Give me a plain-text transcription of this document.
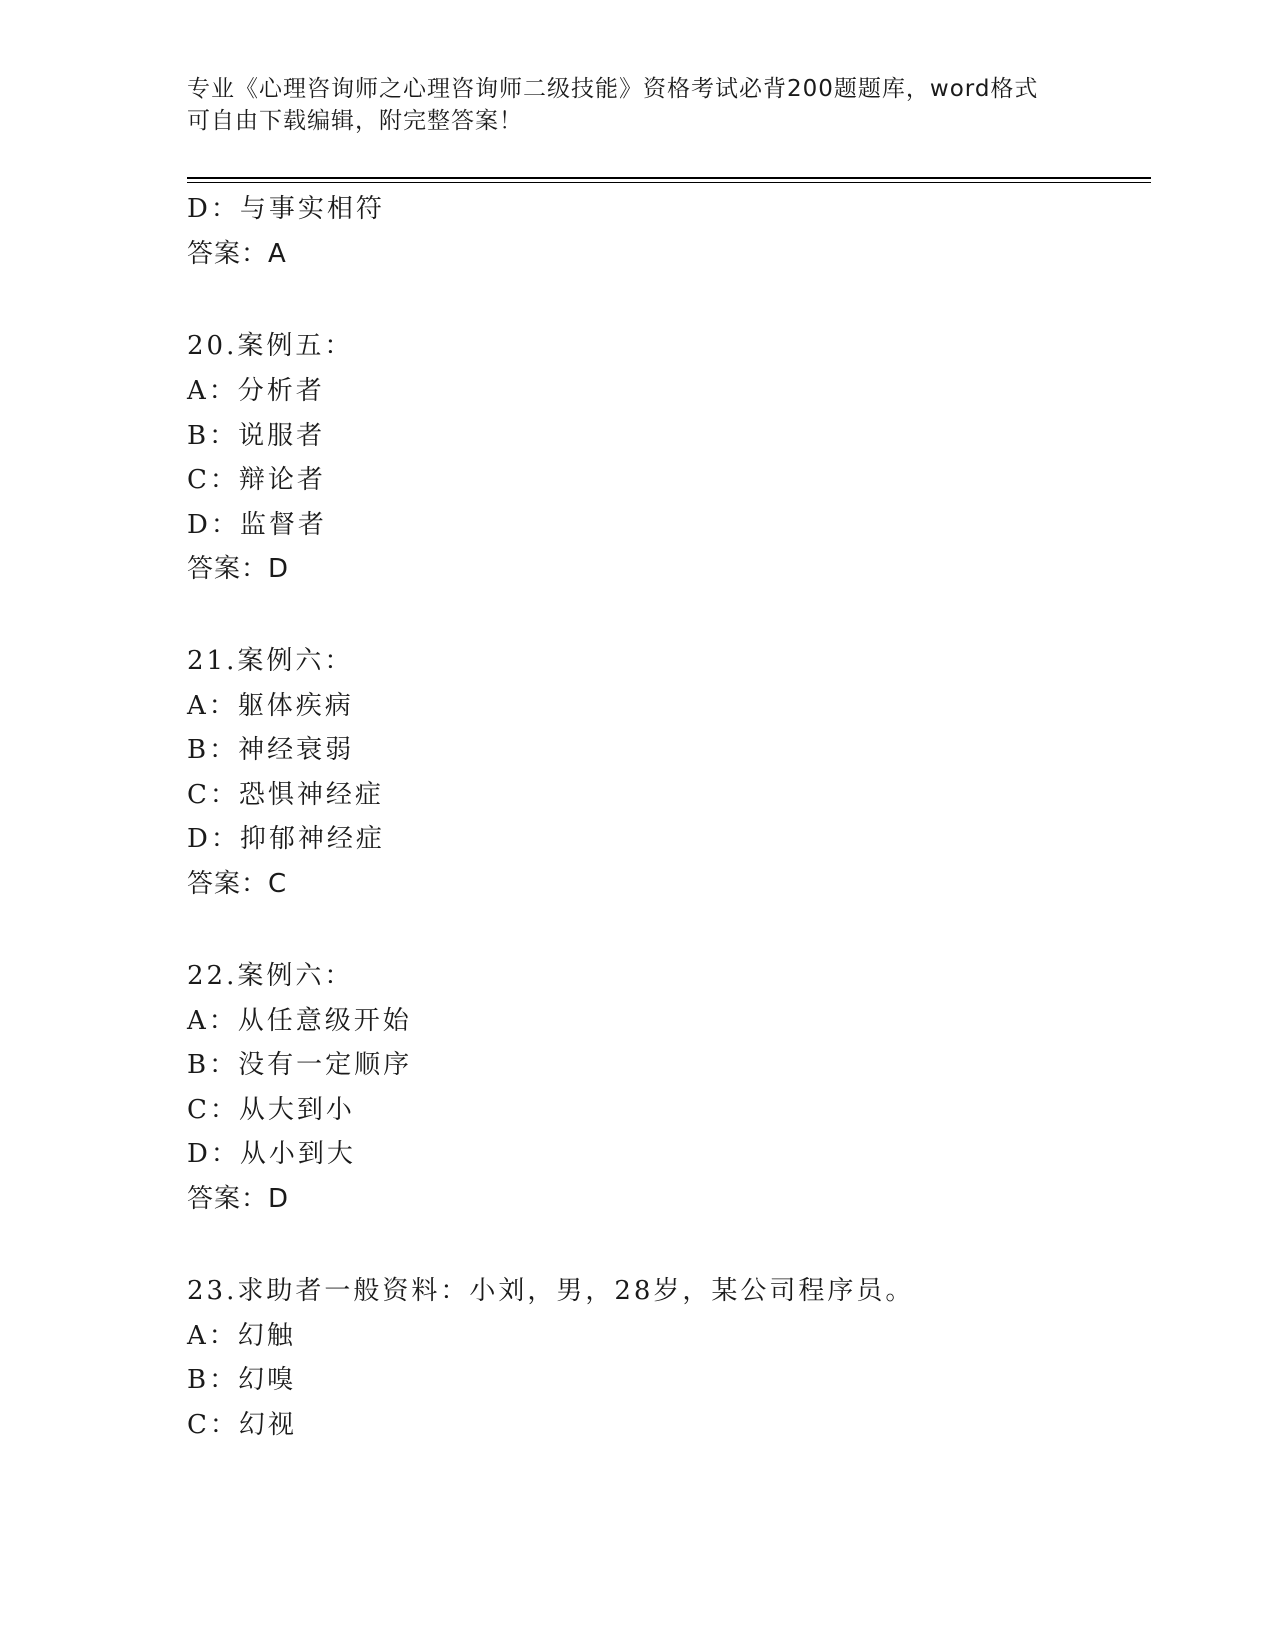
专业《心理咨询师之心理咨询师二级技能》资格考试必背200题题库，word格式
可自由下载编辑，附完整答案！
D：与事实相符
答案：A
20.案例五：
A：分析者
B：说服者
C：辩论者
D：监督者
答案：D
21.案例六：
A：躯体疾病
B：神经衰弱
C：恐惧神经症
D：抑郁神经症
答案：C
22.案例六：
A：从任意级开始
B：没有一定顺序
C：从大到小
D：从小到大
答案：D
23.求助者一般资料：小刘，男，28岁，某公司程序员。
A：幻触
B：幻嗅
C：幻视
